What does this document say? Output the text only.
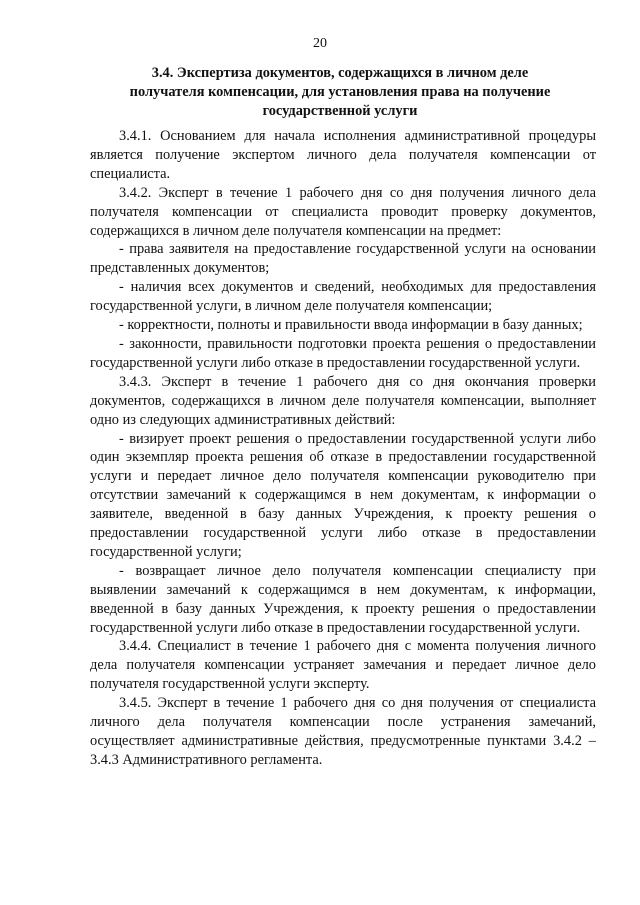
20
3.4. Экспертиза документов, содержащихся в личном деле
получателя компенсации, для установления права на получение
государственной услуги

3.4.1. Основанием для начала исполнения административной процедуры является получение экспертом личного дела получателя компенсации от специалиста.

3.4.2. Эксперт в течение 1 рабочего дня со дня получения личного дела получателя компенсации от специалиста проводит проверку документов, содержащихся в личном деле получателя компенсации на предмет:

- права заявителя на предоставление государственной услуги на основании представленных документов;

- наличия всех документов и сведений, необходимых для предоставления государственной услуги, в личном деле получателя компенсации;

- корректности, полноты и правильности ввода информации в базу данных;

- законности, правильности подготовки проекта решения о предоставлении государственной услуги либо отказе в предоставлении государственной услуги.

3.4.3. Эксперт в течение 1 рабочего дня со дня окончания проверки документов, содержащихся в личном деле получателя компенсации, выполняет одно из следующих административных действий:

- визирует проект решения о предоставлении государственной услуги либо один экземпляр проекта решения об отказе в предоставлении государственной услуги и передает личное дело получателя компенсации руководителю при отсутствии замечаний к содержащимся в нем документам, к информации о заявителе, введенной в базу данных Учреждения, к проекту решения о предоставлении государственной услуги либо отказе в предоставлении государственной услуги;

- возвращает личное дело получателя компенсации специалисту при выявлении замечаний к содержащимся в нем документам, к информации, введенной в базу данных Учреждения, к проекту решения о предоставлении государственной услуги либо отказе в предоставлении государственной услуги.

3.4.4. Специалист в течение 1 рабочего дня с момента получения личного дела получателя компенсации устраняет замечания и передает личное дело получателя государственной услуги эксперту.

3.4.5. Эксперт в течение 1 рабочего дня со дня получения от специалиста личного дела получателя компенсации после устранения замечаний, осуществляет административные действия, предусмотренные пунктами 3.4.2 – 3.4.3 Административного регламента.
